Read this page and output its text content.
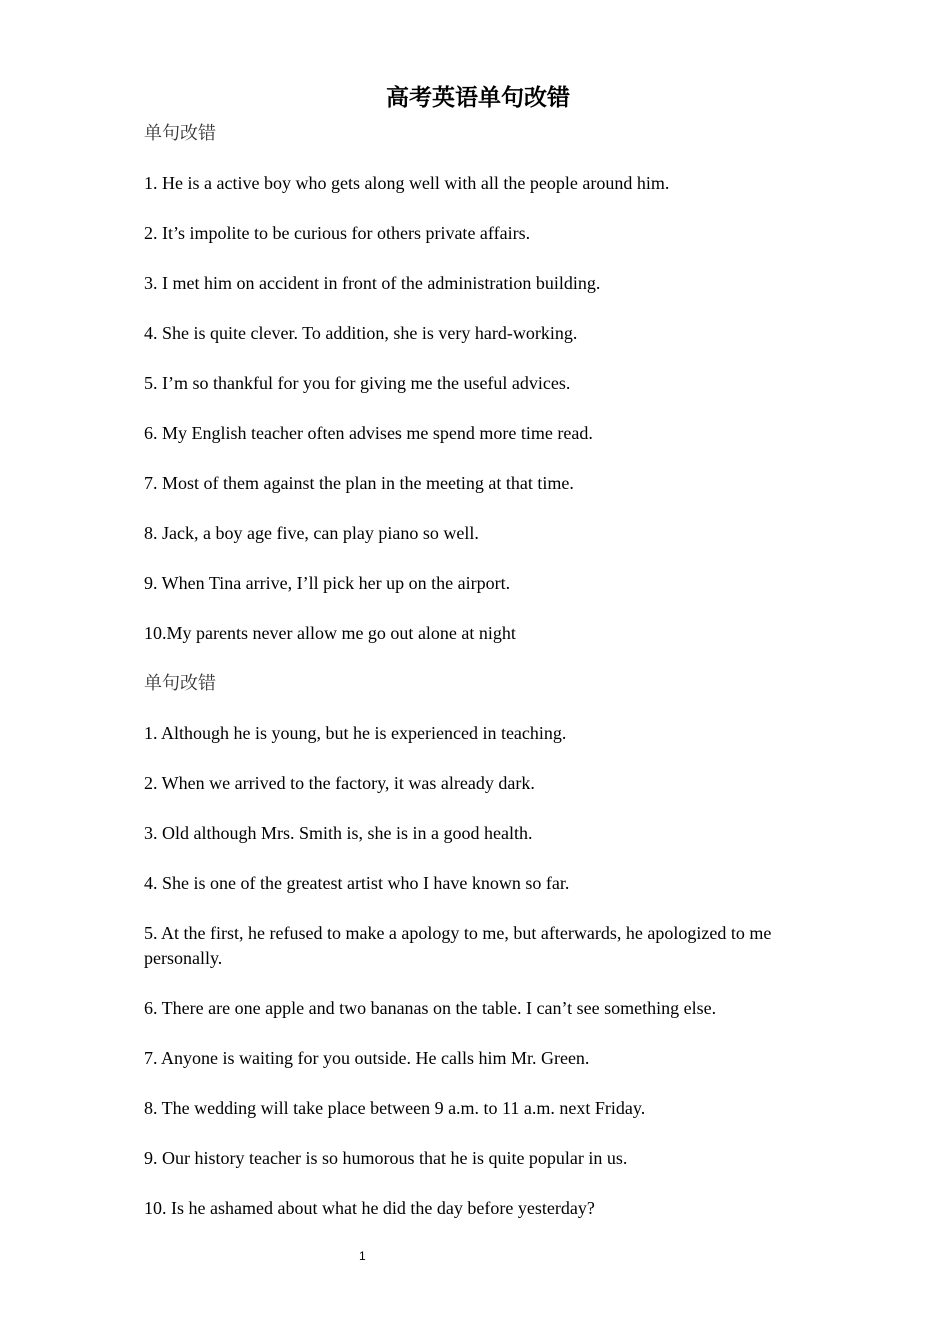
高考英语单句改错
单句改错
1. He is a active boy who gets along well with all the people around him.
2. It’s impolite to be curious for others private affairs.
3. I met him on accident in front of the administration building.
4. She is quite clever. To addition, she is very hard-working.
5. I’m so thankful for you for giving me the useful advices.
6. My English teacher often advises me spend more time read.
7. Most of them against the plan in the meeting at that time.
8. Jack, a boy age five, can play piano so well.
9. When Tina arrive, I’ll pick her up on the airport.
10.My parents never allow me go out alone at night
单句改错
1. Although he is young, but he is experienced in teaching.
2. When we arrived to the factory, it was already dark.
3. Old although Mrs. Smith is, she is in a good health.
4. She is one of the greatest artist who I have known so far.
5. At the first, he refused to make a apology to me, but afterwards, he apologized to me personally.
6. There are one apple and two bananas on the table. I can’t see something else.
7. Anyone is waiting for you outside. He calls him Mr. Green.
8. The wedding will take place between 9 a.m. to 11 a.m. next Friday.
9. Our history teacher is so humorous that he is quite popular in us.
10. Is he ashamed about what he did the day before yesterday?
1
